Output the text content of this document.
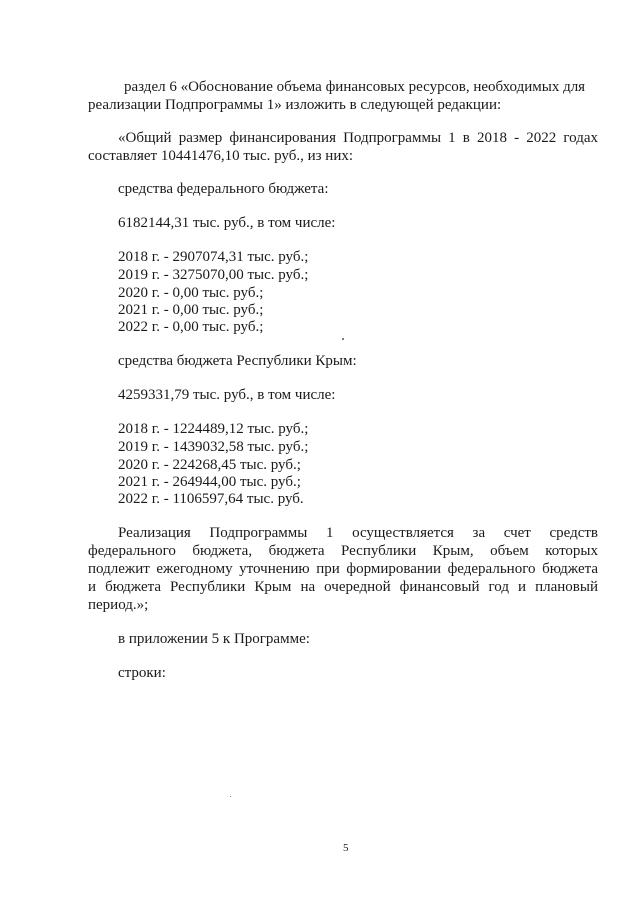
раздел 6 «Обоснование объема финансовых ресурсов, необходимых для
реализации Подпрограммы 1» изложить в следующей редакции:
«Общий размер финансирования Подпрограммы 1 в 2018 - 2022 годах
составляет 10441476,10 тыс. руб., из них:
средства федерального бюджета:
6182144,31 тыс. руб., в том числе:
2018 г. - 2907074,31 тыс. руб.;
2019 г. - 3275070,00 тыс. руб.;
2020 г. - 0,00 тыс. руб.;
2021 г. - 0,00 тыс. руб.;
2022 г. - 0,00 тыс. руб.;
средства бюджета Республики Крым:
4259331,79 тыс. руб., в том числе:
2018 г. - 1224489,12 тыс. руб.;
2019 г. - 1439032,58 тыс. руб.;
2020 г. - 224268,45 тыс. руб.;
2021 г. - 264944,00 тыс. руб.;
2022 г. - 1106597,64 тыс. руб.
Реализация Подпрограммы 1 осуществляется за счет средств
федерального бюджета, бюджета Республики Крым, объем которых
подлежит ежегодному уточнению при формировании федерального бюджета
и бюджета Республики Крым на очередной финансовый год и плановый
период.»;
в приложении 5 к Программе:
строки:
5
